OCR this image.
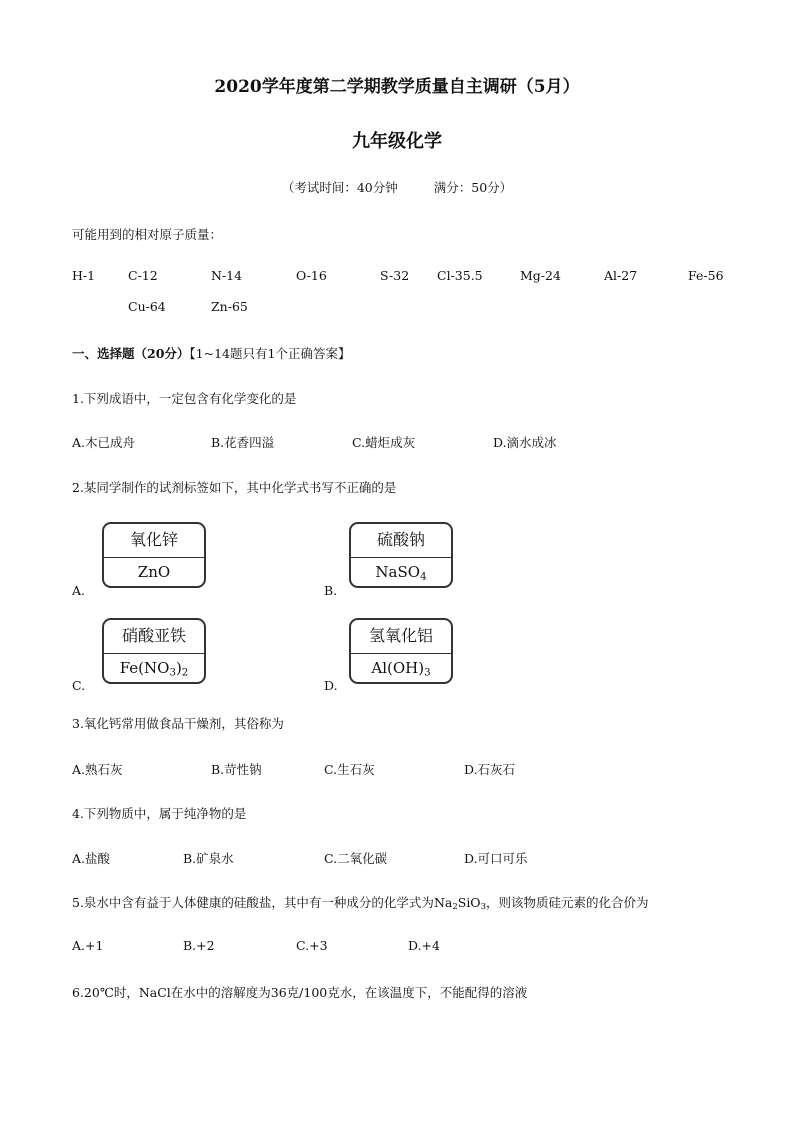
2020学年度第二学期教学质量自主调研（5月）
九年级化学
（考试时间：40分钟	满分：50分）
可能用到的相对原子质量：
H-1	C-12	N-14	O-16	S-32 Cl-35.5	Mg-24	Al-27	Fe-56
Cu-64	Zn-65
一、选择题（20分）【1~14题只有1个正确答案】
1.下列成语中，一定包含有化学变化的是
A.木已成舟	B.花香四溢	C.蜡炬成灰	D.滴水成冰
2.某同学制作的试剂标签如下，其中化学式书写不正确的是
A.
氧化锌
ZnO
B.
硫酸钠
NaSO$_4$
C.
硝酸亚铁
$Fe(NO_3)_2$
D.
氢氧化铝
$Al(OH)_3$
3.氧化钙常用做食品干燥剂，其俗称为
A.熟石灰	B.苛性钠	C.生石灰	D.石灰石
4.下列物质中，属于纯净物的是
A.盐酸	B.矿泉水	C.二氧化碳	D.可口可乐
5.泉水中含有益于人体健康的硅酸盐，其中有一种成分的化学式为$Na_2SiO_3$，则该物质硅元素的化合价为
A.+1	B.+2	C.+3	D.+4
6.20℃时，NaCl在水中的溶解度为36克/100克水，在该温度下，不能配得的溶液
